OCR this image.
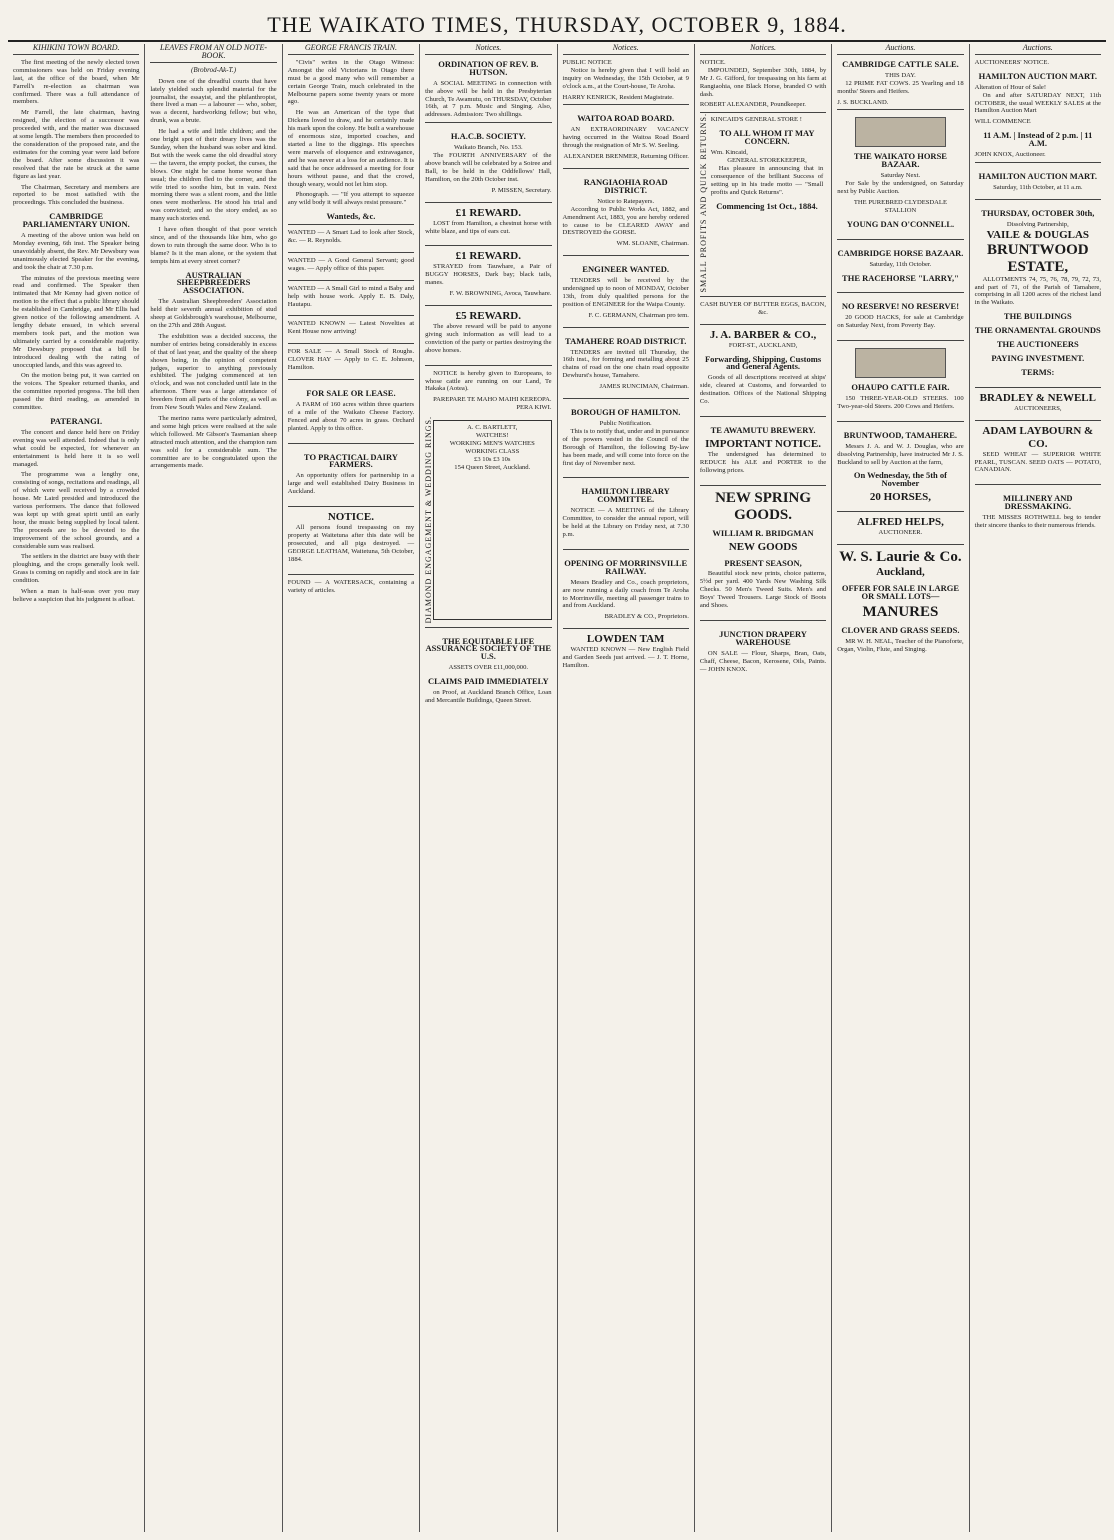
THE WAIKATO TIMES, THURSDAY, OCTOBER 9, 1884.
KIHIKINI TOWN BOARD.

The first meeting of the newly elected town commissioners was held on Friday evening last, at the office of the board, when Mr Farrell's re-election as chairman was confirmed. There was a full attendance of members.

Mr Farrell, the late chairman, having resigned, the election of a successor was proceeded with, and the matter was discussed at some length. The members then proceeded to the consideration of the proposed rate, and the estimates for the coming year were laid before the board. After some discussion it was resolved that the rate be struck at the same figure as last year.

The Chairman, Secretary and members are reported to be most satisfied with the proceedings. This concluded the business.

CAMBRIDGE PARLIAMENTARY UNION.

A meeting of the above union was held on Monday evening, 6th inst. The Speaker being unavoidably absent, the Rev. Mr Dewsbury was unanimously elected Speaker for the evening, and took the chair at 7.30 p.m.

The minutes of the previous meeting were read and confirmed. The Speaker then intimated that Mr Kenny had given notice of motion to the effect that a public library should be established in Cambridge, and Mr Ellis had given notice of the following amendment. A lengthy debate ensued, in which several members took part, and the motion was ultimately carried by a considerable majority. Mr Dewsbury proposed that a bill be introduced dealing with the rating of unoccupied lands, and this was agreed to.

On the motion being put, it was carried on the voices. The Speaker returned thanks, and the committee reported progress. The bill then passed the third reading, as amended in committee.

PATERANGI.

The concert and dance held here on Friday evening was well attended. Indeed that is only what could be expected, for whenever an entertainment is held here it is so well managed.

The programme was a lengthy one, consisting of songs, recitations and readings, all of which were well received by a crowded house. Mr Laird presided and introduced the various performers. The dance that followed was kept up with great spirit until an early hour, the music being supplied by local talent. The proceeds are to be devoted to the improvement of the school grounds, and a considerable sum was realised.

The settlers in the district are busy with their ploughing, and the crops generally look well. Grass is coming on rapidly and stock are in fair condition.

When a man is half-seas over you may believe a suspicion that his judgment is afloat.

LEAVES FROM AN OLD NOTE-BOOK.
(Brobrod-Ak-T.)

Down one of the dreadful courts that have lately yielded such splendid material for the journalist, the essayist, and the philanthropist, there lived a man — a labourer — who, sober, was a decent, hardworking fellow; but who, drunk, was a brute.

He had a wife and little children; and the one bright spot of their dreary lives was the Sunday, when the husband was sober and kind. But with the week came the old dreadful story — the tavern, the empty pocket, the curses, the blows. One night he came home worse than usual; the children fled to the corner, and the wife tried to soothe him, but in vain. Next morning there was a silent room, and the little ones were motherless. He stood his trial and was convicted; and so the story ended, as so many such stories end.

I have often thought of that poor wretch since, and of the thousands like him, who go down to ruin through the same door. Who is to blame? Is it the man alone, or the system that tempts him at every street corner?

AUSTRALIAN SHEEPBREEDERS ASSOCIATION.

The Australian Sheepbreeders' Association held their seventh annual exhibition of stud sheep at Goldsbrough's warehouse, Melbourne, on the 27th and 28th August.

The exhibition was a decided success, the number of entries being considerably in excess of that of last year, and the quality of the sheep shown being, in the opinion of competent judges, superior to anything previously exhibited. The judging commenced at ten o'clock, and was not concluded until late in the afternoon. There was a large attendance of breeders from all parts of the colony, as well as from New South Wales and New Zealand.

The merino rams were particularly admired, and some high prices were realised at the sale which followed. Mr Gibson's Tasmanian sheep attracted much attention, and the champion ram was sold for a considerable sum. The committee are to be congratulated upon the arrangements made.

GEORGE FRANCIS TRAIN.

"Civis" writes in the Otago Witness: Amongst the old Victorians in Otago there must be a good many who will remember a certain George Train, much celebrated in the Melbourne papers some twenty years or more ago.

He was an American of the type that Dickens loved to draw, and he certainly made his mark upon the colony. He built a warehouse of enormous size, imported coaches, and started a line to the diggings. His speeches were marvels of eloquence and extravagance, and he was never at a loss for an audience. It is said that he once addressed a meeting for four hours without pause, and that the crowd, though weary, would not let him stop.

Phonograph. — "If you attempt to squeeze any wild body it will always resist pressure."

Wanteds, &c.
WANTED — A Smart Lad to look after Stock, &c. — R. Reynolds.
WANTED — A Good General Servant; good wages. — Apply office of this paper.
WANTED — A Small Girl to mind a Baby and help with house work. Apply E. B. Daly, Hautapu.
WANTED KNOWN — Latest Novelties at Kent House now arriving!
FOR SALE — A Small Stock of Roughs. CLOVER HAY — Apply to C. E. Johnson, Hamilton.
FOR SALE OR LEASE.

A FARM of 160 acres within three quarters of a mile of the Waikato Cheese Factory. Fenced and about 70 acres in grass. Orchard planted. Apply to this office.

TO PRACTICAL DAIRY FARMERS.

An opportunity offers for partnership in a large and well established Dairy Business in Auckland.

NOTICE.

All persons found trespassing on my property at Waitetuna after this date will be prosecuted, and all pigs destroyed. — GEORGE LEATHAM, Waitetuna, 5th October, 1884.

FOUND — A WATERSACK, containing a variety of articles.
Notices.
ORDINATION OF REV. B. HUTSON.

A SOCIAL MEETING in connection with the above will be held in the Presbyterian Church, Te Awamutu, on THURSDAY, October 16th, at 7 p.m. Music and Singing. Also, addresses. Admission: Two shillings.

H.A.C.B. SOCIETY.
Waikato Branch, No. 153.

The FOURTH ANNIVERSARY of the above branch will be celebrated by a Soiree and Ball, to be held in the Oddfellows' Hall, Hamilton, on the 20th October inst.

P. MISSEN, Secretary.
£1 REWARD.

LOST from Hamilton, a chestnut horse with white blaze, and tips of ears cut.

£1 REWARD.

STRAYED from Tauwhare, a Pair of BUGGY HORSES, Dark bay; black tails, manes.

F. W. BROWNING, Avoca, Tauwhare.
£5 REWARD.

The above reward will be paid to anyone giving such information as will lead to a conviction of the party or parties destroying the above horses.

NOTICE is hereby given to Europeans, to whose cattle are running on our Land, Te Hakaka (Aotea).

PAREPARE TE MAHO MAIHI KEREOPA. PERA KIWI.
DIAMOND ENGAGEMENT & WEDDING RINGS.	A. C. BARTLETT,
WATCHES!
WORKING MEN'S WATCHES
WORKING CLASS
£3 10s £3 10s
154 Queen Street, Auckland.
THE EQUITABLE LIFE ASSURANCE SOCIETY OF THE U.S.
ASSETS OVER £11,000,000.
CLAIMS PAID IMMEDIATELY

on Proof, at Auckland Branch Office, Loan and Mercantile Buildings, Queen Street.

Notices.
PUBLIC NOTICE

Notice is hereby given that I will hold an inquiry on Wednesday, the 15th October, at 9 o'clock a.m., at the Court-house, Te Aroha.

HARRY KENRICK, Resident Magistrate.
WAITOA ROAD BOARD.

AN EXTRAORDINARY VACANCY having occurred in the Waitoa Road Board through the resignation of Mr S. W. Seeling.

ALEXANDER BRENMER, Returning Officer.
RANGIAOHIA ROAD DISTRICT.
Notice to Ratepayers.

According to Public Works Act, 1882, and Amendment Act, 1883, you are hereby ordered to cause to be CLEARED AWAY and DESTROYED the GORSE.

WM. SLOANE, Chairman.
ENGINEER WANTED.

TENDERS will be received by the undersigned up to noon of MONDAY, October 13th, from duly qualified persons for the position of ENGINEER for the Waipa County.

F. C. GERMANN, Chairman pro tem.
TAMAHERE ROAD DISTRICT.

TENDERS are invited till Thursday, the 16th inst., for forming and metalling about 25 chains of road on the one chain road opposite Dewhurst's house, Tamahere.

JAMES RUNCIMAN, Chairman.
BOROUGH OF HAMILTON.
Public Notification.

This is to notify that, under and in pursuance of the powers vested in the Council of the Borough of Hamilton, the following By-law has been made, and will come into force on the first day of November next.

HAMILTON LIBRARY COMMITTEE.

NOTICE — A MEETING of the Library Committee, to consider the annual report, will be held at the Library on Friday next, at 7.30 p.m.

OPENING OF MORRINSVILLE RAILWAY.

Messrs Bradley and Co., coach proprietors, are now running a daily coach from Te Aroha to Morrinsville, meeting all passenger trains to and from Auckland.

BRADLEY & CO., Proprietors.
LOWDEN TAM

WANTED KNOWN — New English Field and Garden Seeds just arrived. — J. T. Horne, Hamilton.

Notices.
NOTICE.

IMPOUNDED, September 30th, 1884, by Mr J. G. Gifford, for trespassing on his farm at Rangiaohia, one Black Horse, branded O with dash.

ROBERT ALEXANDER, Poundkeeper.
SMALL PROFITS AND QUICK RETURNS. KINCAID'S GENERAL STORE !
TO ALL WHOM IT MAY CONCERN.
Wm. Kincaid,
GENERAL STOREKEEPER,

Has pleasure in announcing that in consequence of the brilliant Success of setting up in his trade motto — "Small profits and Quick Returns".

Commencing 1st Oct., 1884.
CASH BUYER OF BUTTER EGGS, BACON, &c.
J. A. BARBER & CO.,
FORT-ST., AUCKLAND,
Forwarding, Shipping, Customs and General Agents.

Goods of all descriptions received at ships' side, cleared at Customs, and forwarded to destination. Offices of the National Shipping Co.

TE AWAMUTU BREWERY.
IMPORTANT NOTICE.

The undersigned has determined to REDUCE his ALE and PORTER to the following prices.

NEW SPRING GOODS.
WILLIAM R. BRIDGMAN
NEW GOODS
PRESENT SEASON,

Beautiful stock new prints, choice patterns, 5½d per yard. 400 Yards New Washing Silk Checks. 50 Men's Tweed Suits. Men's and Boys' Tweed Trousers. Large Stock of Boots and Shoes.

JUNCTION DRAPERY WAREHOUSE

ON SALE — Flour, Sharps, Bran, Oats, Chaff, Cheese, Bacon, Kerosene, Oils, Paints. — JOHN KNOX.

Auctions.
CAMBRIDGE CATTLE SALE.
THIS DAY.

12 PRIME FAT COWS. 25 Yearling and 18 months' Steers and Heifers.

J. S. BUCKLAND.
THE WAIKATO HORSE BAZAAR.
Saturday Next.

For Sale by the undersigned, on Saturday next by Public Auction.

THE PUREBRED CLYDESDALE STALLION
YOUNG DAN O'CONNELL.
CAMBRIDGE HORSE BAZAAR.
Saturday, 11th October.
THE RACEHORSE "LARRY,"
NO RESERVE! NO RESERVE!

20 GOOD HACKS, for sale at Cambridge on Saturday Next, from Poverty Bay.

OHAUPO CATTLE FAIR.

150 THREE-YEAR-OLD STEERS. 100 Two-year-old Steers. 200 Cows and Heifers.

BRUNTWOOD, TAMAHERE.

Messrs J. A. and W. J. Douglas, who are dissolving Partnership, have instructed Mr J. S. Buckland to sell by Auction at the farm,

On Wednesday, the 5th of November
20 HORSES,
ALFRED HELPS,
AUCTIONEER.
W. S. Laurie & Co.
Auckland,
OFFER FOR SALE IN LARGE OR SMALL LOTS—
MANURES
CLOVER AND GRASS SEEDS.

MR W. H. NEAL, Teacher of the Pianoforte, Organ, Violin, Flute, and Singing.

Auctions.
AUCTIONEERS' NOTICE.
HAMILTON AUCTION MART.
Alteration of Hour of Sale!

On and after SATURDAY NEXT, 11th OCTOBER, the usual WEEKLY SALES at the Hamilton Auction Mart

WILL COMMENCE
11 A.M. | Instead of 2 p.m. | 11 A.M.
JOHN KNOX, Auctioneer.
HAMILTON AUCTION MART.
Saturday, 11th October, at 11 a.m.
THURSDAY, OCTOBER 30th,
Dissolving Partnership,
VAILE & DOUGLAS
BRUNTWOOD ESTATE,

ALLOTMENTS 74, 75, 76, 78, 79, 72, 73, and part of 71, of the Parish of Tamahere, comprising in all 1200 acres of the richest land in the Waikato.

THE BUILDINGS
THE ORNAMENTAL GROUNDS
THE AUCTIONEERS
PAYING INVESTMENT.
TERMS:
BRADLEY & NEWELL
AUCTIONEERS,
ADAM LAYBOURN & CO.

SEED WHEAT — SUPERIOR WHITE PEARL, TUSCAN. SEED OATS — POTATO, CANADIAN.

MILLINERY AND DRESSMAKING.

THE MISSES ROTHWELL beg to tender their sincere thanks to their numerous friends.
